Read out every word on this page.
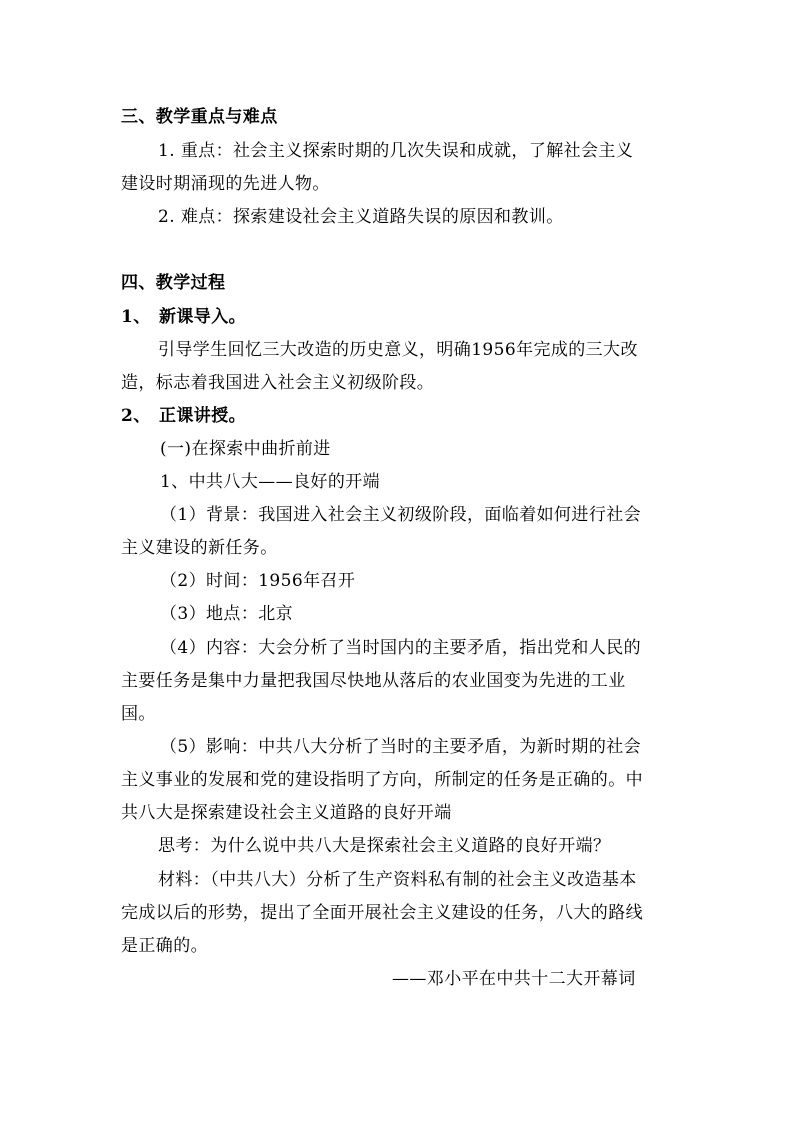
三、教学重点与难点
1. 重点：社会主义探索时期的几次失误和成就，了解社会主义
建设时期涌现的先进人物。
2. 难点：探索建设社会主义道路失误的原因和教训。
四、教学过程
1、 新课导入。
引导学生回忆三大改造的历史意义，明确1956年完成的三大改
造，标志着我国进入社会主义初级阶段。
2、 正课讲授。
(一)在探索中曲折前进
1、中共八大——良好的开端
（1）背景：我国进入社会主义初级阶段，面临着如何进行社会
主义建设的新任务。
（2）时间：1956年召开
（3）地点：北京
（4）内容：大会分析了当时国内的主要矛盾，指出党和人民的
主要任务是集中力量把我国尽快地从落后的农业国变为先进的工业
国。
（5）影响：中共八大分析了当时的主要矛盾，为新时期的社会
主义事业的发展和党的建设指明了方向，所制定的任务是正确的。中
共八大是探索建设社会主义道路的良好开端
思考：为什么说中共八大是探索社会主义道路的良好开端？
材料：（中共八大）分析了生产资料私有制的社会主义改造基本
完成以后的形势，提出了全面开展社会主义建设的任务，八大的路线
是正确的。
——邓小平在中共十二大开幕词
